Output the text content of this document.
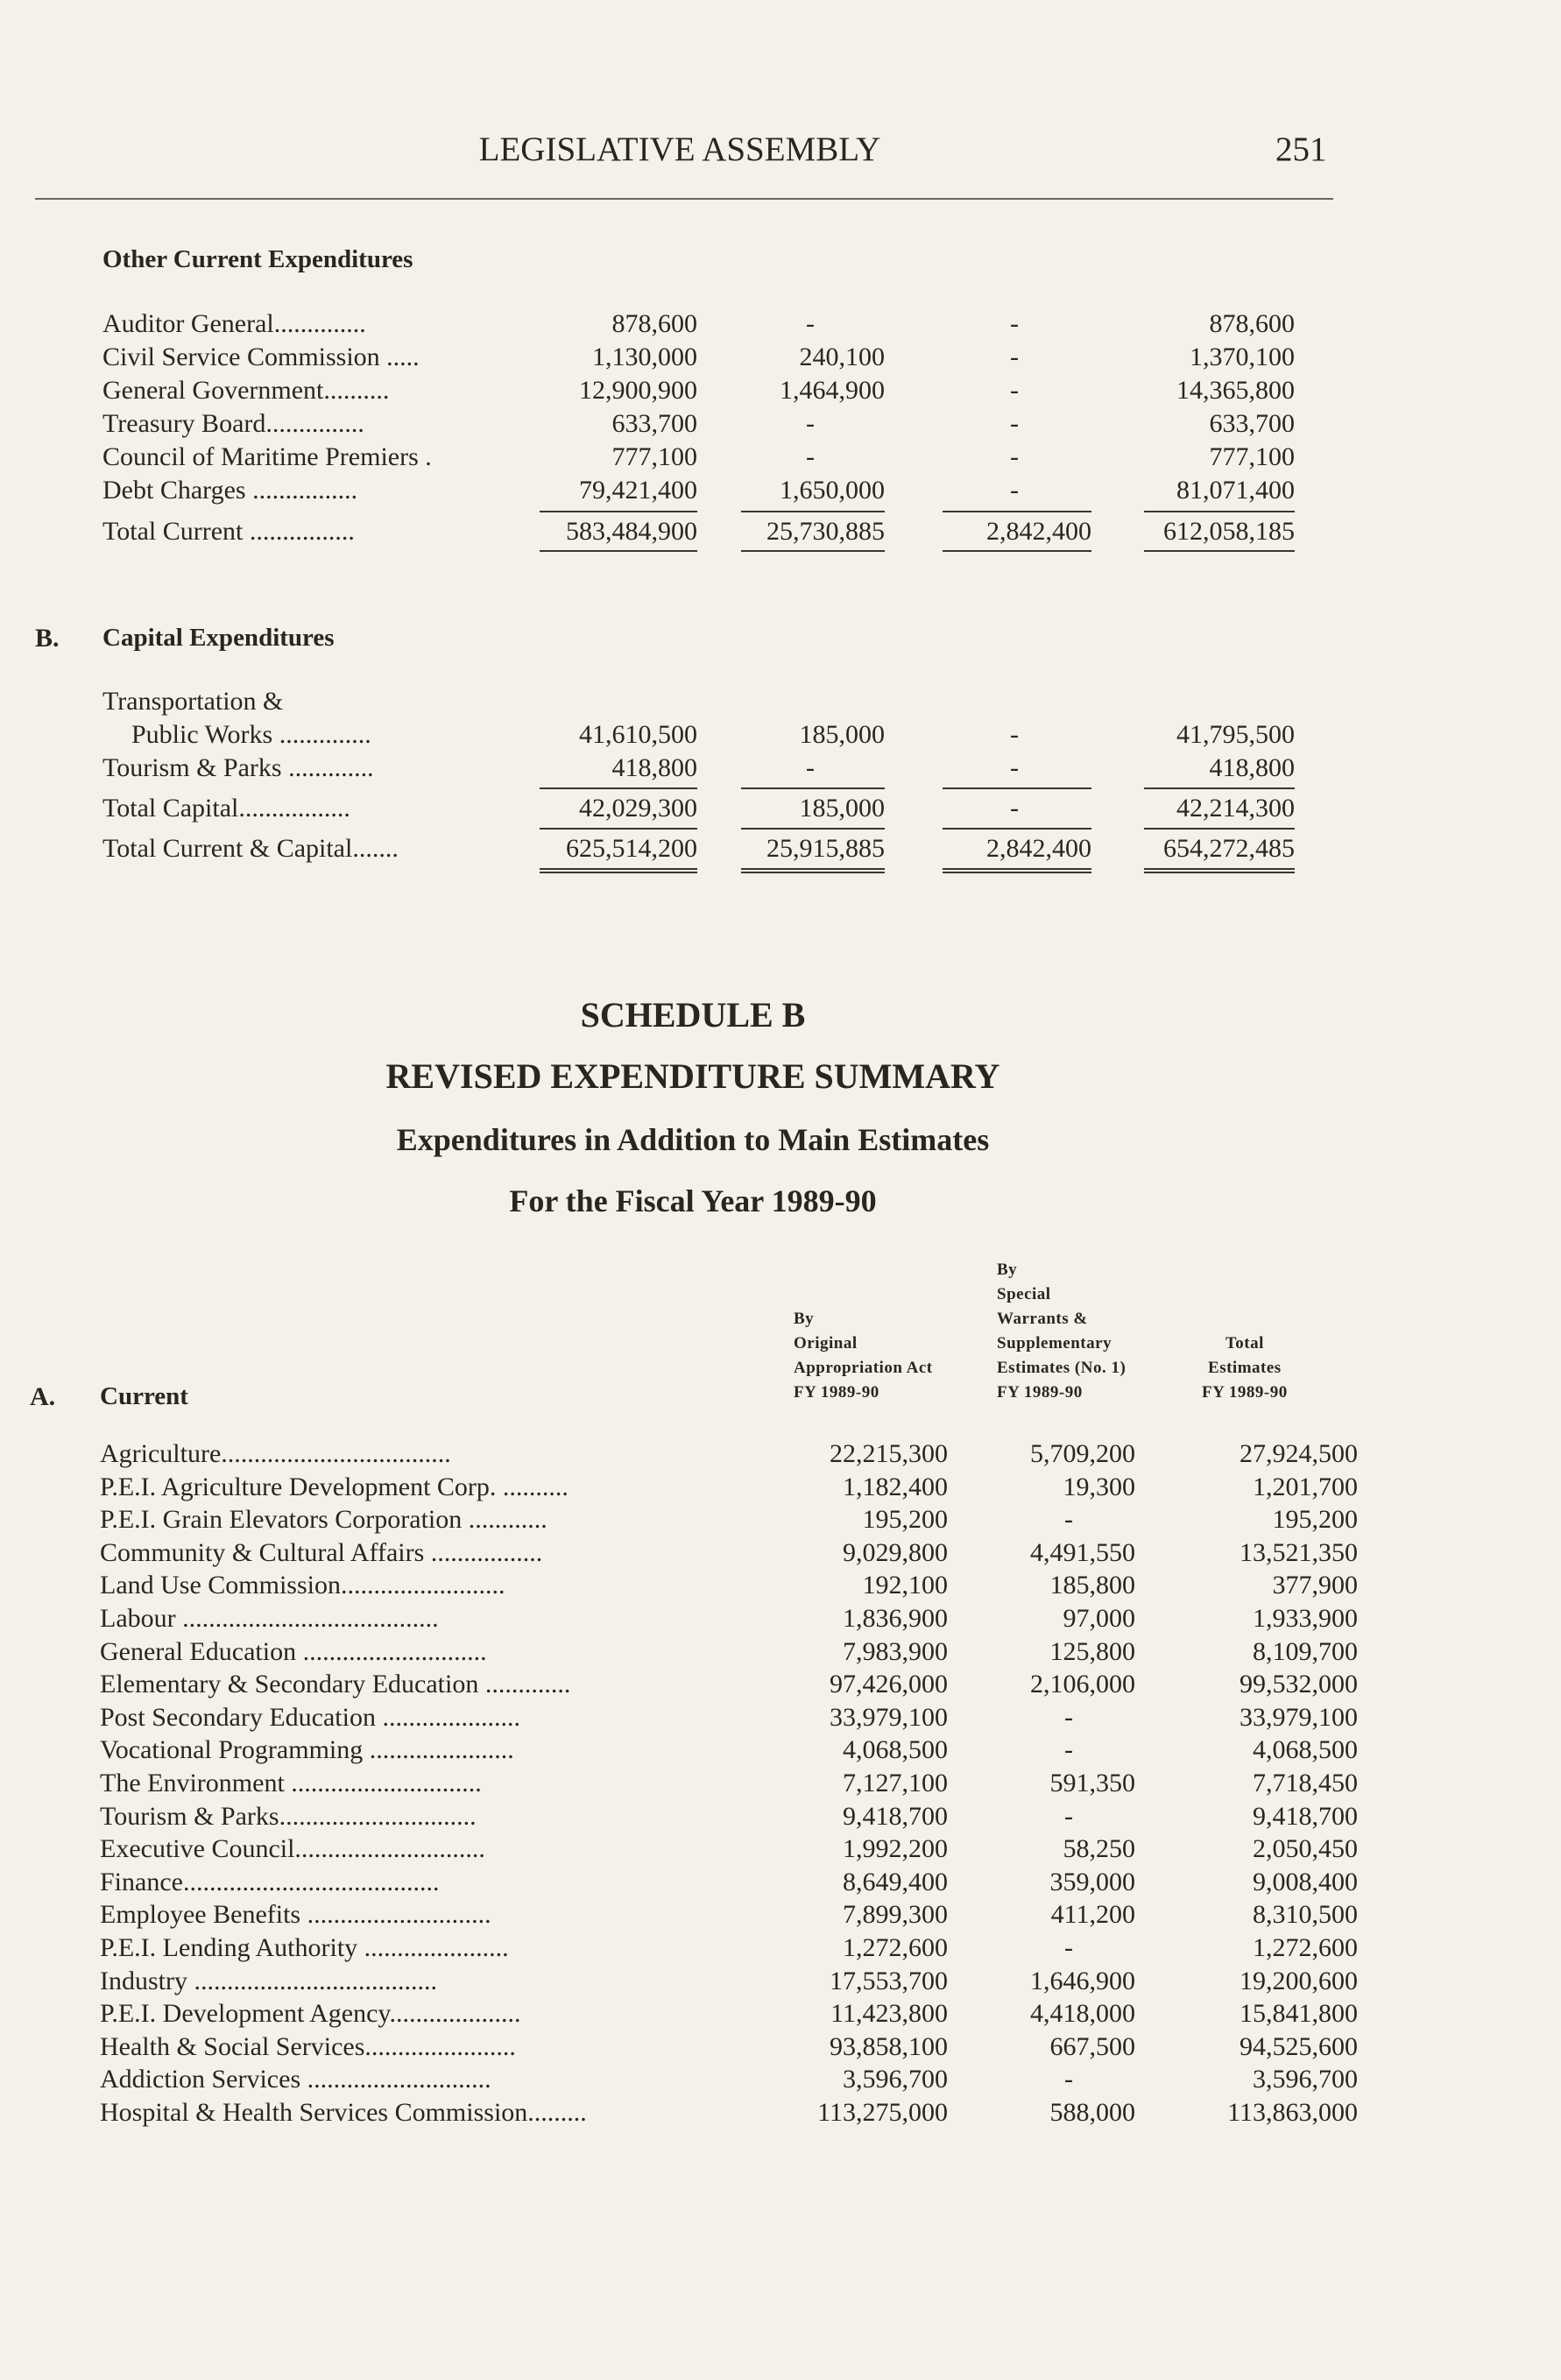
LEGISLATIVE ASSEMBLY	251
Other Current Expenditures
Auditor General..............	878,600	-	-	878,600
Civil Service Commission .....	1,130,000	240,100	-	1,370,100
General Government..........	12,900,900	1,464,900	-	14,365,800
Treasury Board...............	633,700	-	-	633,700
Council of Maritime Premiers .	777,100	-	-	777,100
Debt Charges ................	79,421,400	1,650,000	-	81,071,400
Total Current ................	583,484,900	25,730,885	2,842,400	612,058,185
B. Capital Expenditures
Transportation &
Public Works ..............	41,610,500	185,000	-	41,795,500
Tourism & Parks .............	418,800	-	-	418,800
Total Capital.................	42,029,300	185,000	-	42,214,300
Total Current & Capital.......	625,514,200	25,915,885	2,842,400	654,272,485
SCHEDULE B
REVISED EXPENDITURE SUMMARY
Expenditures in Addition to Main Estimates
For the Fiscal Year 1989-90
By
Original
Appropriation Act
FY 1989-90
By
Special
Warrants &
Supplementary
Estimates (No. 1)
FY 1989-90
Total
Estimates
FY 1989-90
A. Current
Agriculture...................................	22,215,300	5,709,200	27,924,500
P.E.I. Agriculture Development Corp. ..........	1,182,400	19,300	1,201,700
P.E.I. Grain Elevators Corporation ............	195,200	-	195,200
Community & Cultural Affairs .................	9,029,800	4,491,550	13,521,350
Land Use Commission.........................	192,100	185,800	377,900
Labour .......................................	1,836,900	97,000	1,933,900
General Education ............................	7,983,900	125,800	8,109,700
Elementary & Secondary Education .............	97,426,000	2,106,000	99,532,000
Post Secondary Education .....................	33,979,100	-	33,979,100
Vocational Programming ......................	4,068,500	-	4,068,500
The Environment .............................	7,127,100	591,350	7,718,450
Tourism & Parks..............................	9,418,700	-	9,418,700
Executive Council.............................	1,992,200	58,250	2,050,450
Finance.......................................	8,649,400	359,000	9,008,400
Employee Benefits ............................	7,899,300	411,200	8,310,500
P.E.I. Lending Authority ......................	1,272,600	-	1,272,600
Industry .....................................	17,553,700	1,646,900	19,200,600
P.E.I. Development Agency....................	11,423,800	4,418,000	15,841,800
Health & Social Services.......................	93,858,100	667,500	94,525,600
Addiction Services ............................	3,596,700	-	3,596,700
Hospital & Health Services Commission.........	113,275,000	588,000	113,863,000
